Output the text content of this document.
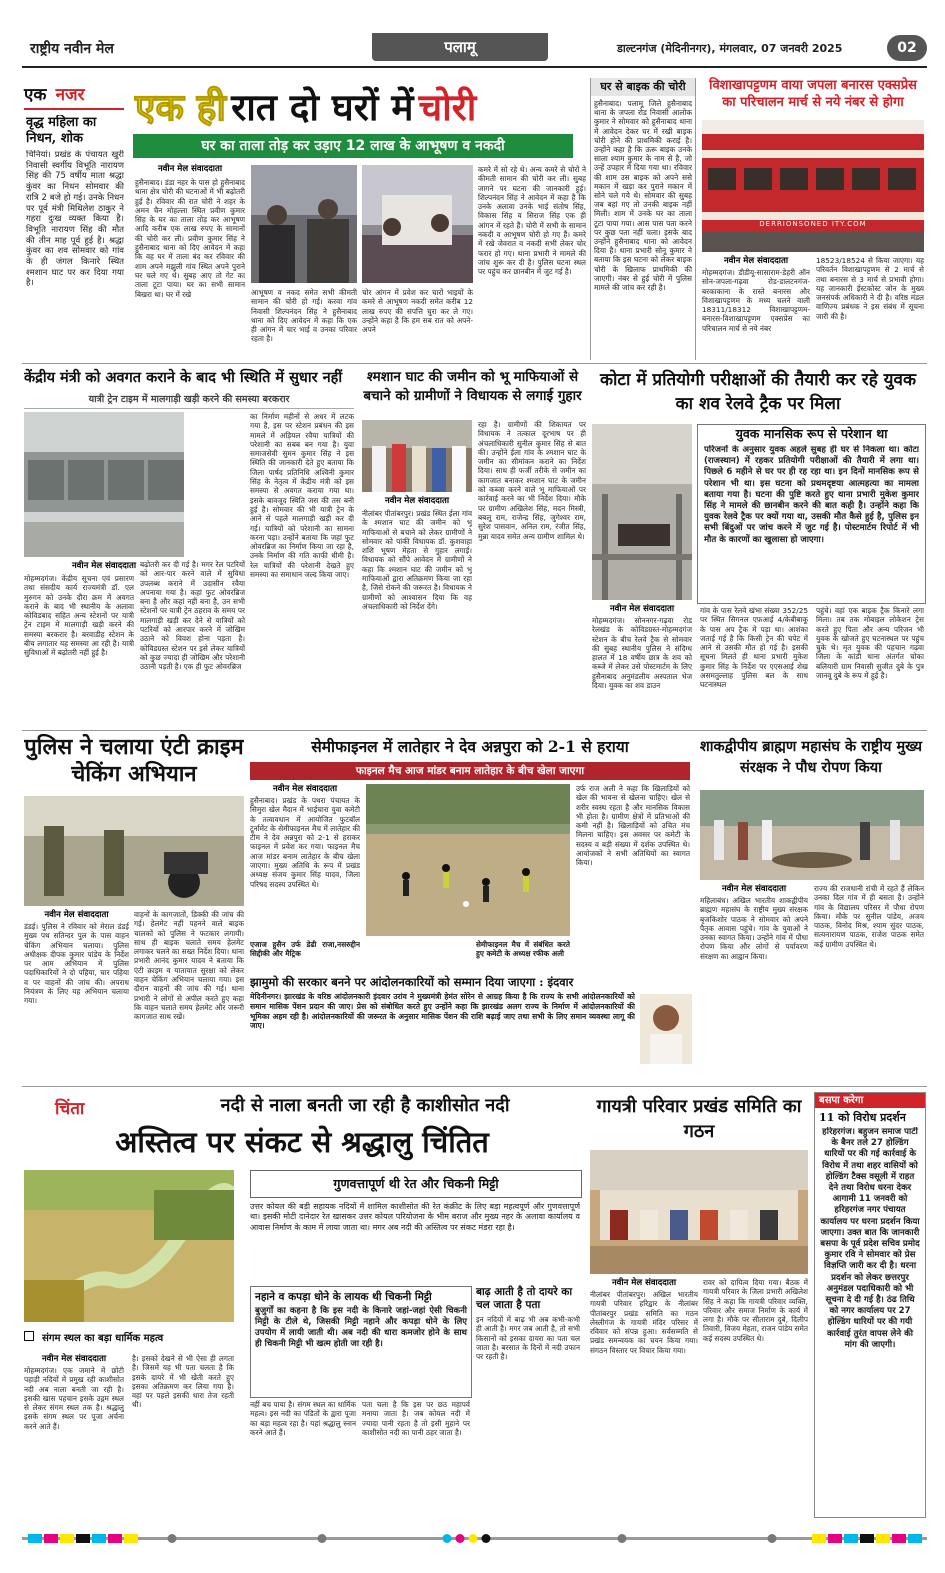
राष्ट्रीय नवीन मेल	पलामू	डाल्टनगंज (मेदिनीनगर), मंगलवार, 07 जनवरी 2025	02
एक नजर
वृद्ध महिला का निधन, शोक
चिनियां। प्रखंड के पंचायत खुरी निवासी स्वर्गीय विभूति नारायण सिंह की 75 वर्षीय माता श्रद्धा कुंवर का निधन सोमवार की रात्रि 2 बजे हो गई। उनके निधन पर पूर्व मंत्री मिथिलेश ठाकुर ने गहरा दुःख व्यक्त किया है। विभूति नारायण सिंह की मौत की तीन माह पूर्व हुई है। श्रद्धा कुंवर का शव सोमवार को गांव के ही जंगल किनारे स्थित श्मशान घाट पर कर दिया गया है।
एक ही रात दो घरों में चोरी
घर का ताला तोड़ कर उड़ाए 12 लाख के आभूषण व नकदी
नवीन मेल संवाददाता
हुसैनाबाद। डंडा नहर के पास हो हुसैनाबाद थाना क्षेत्र चोरी की घटनाओं में भी बढ़ोतरी हुई है। रविवार की रात चोरी ने शहर के अमन चैन मोहल्ला स्थित प्रवीण कुमार सिंह के घर का ताला तोड़ कर आभूषण आदि करीब एक लाख रुपए के सामानों की चोरी कर ली। प्रवीण कुमार सिंह ने हुसैनाबाद थाना को दिए आवेदन में कहा कि वह घर में ताला बंद कर रविवार की शाम अपने मझुली गांव स्थित अपने पुराने घर चले गए थे। सुबह आए तो गेट का ताला टूटा पाया। घर का सभी सामान बिखरा था। घर में रखे	आभूषण व नकद समेत सभी कीमती सामान की चोरी हो गई। करवा गांव निवासी शिल्पनंदन सिंह ने हुसैनाबाद थाना को दिए आवेदन में कहा कि एक ही आंगन में चार भाई व उनका परिवार रहता है।
चोर आंगन में प्रवेश कर चारों भाइयों के कमरे से आभूषण नकदी समेत करीब 12 लाख रुपए की संपत्ति चुरा कर ले गए। उन्होंने कहा है कि हम सब रात को अपने-अपने
कमरे में सो रहे थे। अन्य कमरे से चोरों ने कीमती सामान की चोरी कर ली। सुबह जागने पर घटना की जानकारी हुई। शिल्पनंदन सिंह ने आवेदन में कहा है कि उनके अलावा उनके भाई संतोष सिंह, विकास सिंह व सिराज सिंह एक ही आंगन में रहते हैं। चोरी में सभी के सामान नकदी व आभूषण चोरी हो गए हैं। कमरे में रखे जेवरात व नकदी सभी लेकर चोर फरार हो गए। थाना प्रभारी ने मामले की जांच शुरू कर दी है। पुलिस घटना स्थल पर पहुंच कर छानबीन में जुट गई है।
घर से बाइक की चोरी
हुसैनाबाद। पलामू जिले हुसैनाबाद थाना के जपला रोड निवासी आलोक कुमार ने सोमवार को हुसैनाबाद थाना में आवेदन देकर घर में रखी बाइक चोरी होने की प्राथमिकी कराई है। उन्होंने कहा है कि ऊरू बाइक उनके साला श्याम कुमार के नाम से है, जो उन्हें उपहार में दिया गया था। रविवार की शाम उस बाइक को अपने ससे मकान में खड़ा कर पुराने मकान में सोने चले गये थे। सोमवार की सुबह जब बहां गए तो उनकी बाइक नहीं मिली। शाम में उनके घर का ताला टूटा पाया गया। आस पास पता करने पर कुछ पता नहीं चला। इसके बाद उन्होंने हुसैनाबाद थाना को आवेदन दिया है। थाना प्रभारी सोनू कुमार ने बताया कि इस घटना को लेकर बाइक चोरी के खिलाफ प्राथमिकी की जाएगी। नंबर से हुई चोरी में पुलिस मामले की जांच कर रही है।
विशाखापट्टणम वाया जपला बनारस एक्सप्रेस का परिचालन मार्च से नये नंबर से होगा
DERRIONSONED ITY.COM
नवीन मेल संवाददाता
मोहम्मदगंज। डीडीयू-सासाराम-डेहरी ऑन सोन-जपला-गढ़वा रोड-डालटनगंज-बरकाकाना के रास्ते बनारस और विशाखापट्टणम के मध्य चलने वाली 18311/18312 विशाखापट्टणम-बनारस-विशाखापट्टणम एक्सप्रेस का परिचालन मार्च से नये नंबर
18523/18524 से किया जाएगा। यह परिवर्तन विशाखापट्टणम से 2 मार्च से तथा बनारस से 3 मार्च से प्रभावी होगा। यह जानकारी ईस्टकोस्ट जोन के मुख्य जनसंपर्क अधिकारी ने दी है। वरिष्ठ मंडल वाणिज्य प्रबंधक ने इस संबंध में सूचना जारी की है।
केंद्रीय मंत्री को अवगत कराने के बाद भी स्थिति में सुधार नहीं
यात्री ट्रेन टाइम में मालगाड़ी खड़ी करने की समस्या बरकरार
नवीन मेल संवाददाता
मोहम्मदगंज। केंद्रीय सूचना एवं प्रसारण तथा संसदीय कार्य राज्यमंत्री डॉ. एल मुरुगन को उनके दौरा क्रम में अवगत कराने के बाद भी स्थानीय के अलावा कोविडबाद सहित अन्य स्टेशनों पर यात्री ट्रेन टाइम में मालगाड़ी खड़ी करने की समस्या बरकरार है। बरवाडीह स्टेशन के बीच लगातार यह समस्या आ रही है। यात्री सुविधाओं में बढ़ोतरी नहीं हुई है।
बढ़ोतरी कर दी गई है। मगर रेल पटरियों को आर-पार करने वाले में सुविधा उपलब्ध कराने में उदासीन रवैया अपनाया गया है। कहां फुट ओवरब्रिज बना है और कहां नहीं बना है, उन सभी स्टेशनों पर यात्री ट्रेन ठहराव के समय पर मालगाड़ी खड़ी कर देने से यात्रियों को पटरियों को आरपार करने में जोखिम उठाने को विवश होना पड़ता है। कोविडग्रस्त स्टेशन पर इसे लेकर यात्रियों को कुछ ज्यादा ही जोखिम और परेशानी उठानी पड़ती है। एक ही फुट ओवरब्रिज
का निर्माण महीनों से अधर में लटक गया है, इस पर स्टेशन प्रबंधन की इस मामले में अड़ियल रवैया यात्रियों की परेशानी का सबब बन गया है। युवा समाजसेवी सुमन कुमार सिंह ने इस स्थिति की जानकारी देते हुए बताया कि जिला पार्षद प्रतिनिधि अश्विनी कुमार सिंह के नेतृत्व में केंद्रीय मंत्री को इस समस्या से अवगत कराया गया था। इसके बावजूद स्थिति जस की तस बनी हुई है। सोमवार की भी यात्री ट्रेन के आने से पहले मालगाड़ी खड़ी कर दी गई। यात्रियों को परेशानी का सामना करना पड़ा। उन्होंने बताया कि जहां फुट ओवरब्रिज का निर्माण किया जा रहा है, उनके निर्माण की गति काफी धीमी है। रेल यात्रियों की परेशानी देखते हुए समस्या का समाधान जल्द किया जाए।
श्मशान घाट की जमीन को भू माफियाओं से बचाने को ग्रामीणों ने विधायक से लगाई गुहार
नवीन मेल संवाददाता
नीलांबर पीतांबरपुर। प्रखंड स्थित ईला गांव के श्मशान घाट की जमीन को भू माफियाओं से बचाने को लेकर ग्रामीणों ने सोमवार को पांकी विधायक डॉ. कुशवाहा शशि भूषण मेहता से गुहार लगाई। विधायक को सौंपे आवेदन में ग्रामीणों ने कहा कि श्मशान घाट की जमीन को भू माफियाओं द्वारा अतिक्रमण किया जा रहा है, जिसे रोकने की जरूरत है। विधायक ने ग्रामीणों को आश्वासन दिया कि वह अंचलाधिकारी को निर्देश देंगे।
रहा है। ग्रामीणों की शिकायत पर विधायक ने तत्काल दूरभाष पर ही अंचलाधिकारी सुनील कुमार सिंह से बात की। उन्होंने ईला गांव के श्मशान घाट के जमीन का सीमांकन कराने का निर्देश दिया। साथ ही फर्जी तरीके से जमीन का कागजात बनाकर श्मशान घाट के जमीन को कब्जा करने वाले भू माफियाओं पर कार्रवाई करने का भी निर्देश दिया। मौके पर ग्रामीण अखिलेश सिंह, मदन मिस्त्री, बबलू राम, राजेन्द्र सिंह, जुगेश्वर राम, सुरेश पासवान, अनिल राम, रंजीत सिंह, मुन्ना यादव समेत अन्य ग्रामीण शामिल थे।
कोटा में प्रतियोगी परीक्षाओं की तैयारी कर रहे युवक का शव रेलवे ट्रैक पर मिला
युवक मानसिक रूप से परेशान था
परिजनों के अनुसार युवक अहले सुबह ही घर से निकला था। कोटा (राजस्थान) में रहकर प्रतियोगी परीक्षाओं की तैयारी में लगा था। पिछले 6 महीने से घर पर ही रह रहा था। इन दिनों मानसिक रूप से परेशान भी था। इस घटना को प्रथमदृष्टया आत्महत्या का मामला बताया गया है। घटना की पुष्टि करते हुए थाना प्रभारी मुकेश कुमार सिंह ने मामले की छानबीन करने की बात कही है। उन्होंने कहा कि युवक रेलवे ट्रैक पर क्यों गया था, उसकी मौत कैसे हुई है, पुलिस इन सभी बिंदुओं पर जांच करने में जुट गई है। पोस्टमार्टम रिपोर्ट में भी मौत के कारणों का खुलासा हो जाएगा।
नवीन मेल संवाददाता
मोहम्मदगंज। सोननगर-गढ़वा रोड रेलखंड के कोविडग्रस्त-मोहम्मदगंज स्टेशन के बीच रेलवे ट्रैक से सोमवार की सुबह स्थानीय पुलिस ने संदिग्ध हालत में 18 वर्षीय छात्र के शव को कब्जे में लेकर उसे पोस्टमार्टम के लिए हुसैनाबाद अनुमंडलीय अस्पताल भेज दिया। युवक का शव डाउन
गांव के पास रेलवे खंभा संख्या 352/25 पर स्थित सिगनल एफ़आई 4/केबीबाकू के पास अप ट्रैक में पड़ा था। आशंका जताई गई है कि किसी ट्रेन की चपेट में आने से उसकी मौत हो गई है। इसकी सूचना मिलते ही थाना प्रभारी मुकेश कुमार सिंह के निर्देश पर एएसआई शेख असमतुल्लाह पुलिस बल के साथ घटनास्थल
पहुंचे। वहां एक बाइक ट्रैक किनारे लगा मिला। तब तक मोबाइल लोकेशन ट्रेस करते हुए पिता और अन्य परिजन भी युवक के खोजते हुए घटनास्थल पर पहुंच चुके थे। मृत युवक की पहचान गढ़वा जिला के कांडी थाना अंतर्गत चोका बलियारी ग्राम निवासी सुजीत दुबे के पुत्र जानवू दुबे के रूप में हुई है।
पुलिस ने चलाया एंटी क्राइम चेकिंग अभियान
नवीन मेल संवाददाता
डंडई। पुलिस ने रविवार को मेराल डंडई मुख्य पथ सतिन्दर पुल के पास वाहन चेकिंग अभियान चलाया। पुलिस अधीक्षक दीपक कुमार पांडेय के निर्देश पर आम अभियान में पुलिस पदाधिकारियों ने दो पहिया, चार पहिया व पर वाहनों की जांच की। अपराध नियंत्रण के लिए यह अभियान चलाया गया।
वाहनों के कागजातों, डिक्की की जांच की गई। हेलमेट नहीं पहनने वाले बाइक चालकों को पुलिस ने फटकार लगायी। साथ ही बाइक चलाते समय हेलमेट लगाकर चलने का सख्त निर्देश दिया। थाना प्रभारी आनंद कुमार यादव ने बताया कि एंटी क्राइम व यातायात सुरक्षा को लेकर वाहन चेकिंग अभियान चलाया गया। इस दौरान वाहनों की जांच की गई। थाना प्रभारी ने लोगों से अपील करते हुए कहा कि वाहन चलाते समय हेलमेट और जरूरी कागजात साथ रखें।
सेमीफाइनल में लातेहार ने देव अन्नपुरा को 2-1 से हराया
फाइनल मैच आज मांडर बनाम लातेहार के बीच खेला जाएगा
नवीन मेल संवाददाता
हुसैनाबाद। प्रखंड के पथरा पंचायत के सिमुरा खेल मैदान में भाईचारा युवा कमेटी के तत्वावधान में आयोजित फुटबॉल टूर्नामेंट के सेमीफाइनल मैच में लातेहार की टीम ने देव अन्नपुरा को 2-1 से हराकर फाइनल में प्रवेश कर गया। फाइनल मैच आज मांडर बनाम लातेहार के बीच खेला जाएगा। मुख्य अतिथि के रूप में प्रखंड अध्यक्ष संजय कुमार सिंह यादव, जिला परिषद सदस्य उपस्थित थे।
एजाज हुसैन उर्फ डेढी राजा,नसरुद्दीन सिद्दीकी और मैट्रिक
सेमीफाइनल मैच में संबंधित करते हुए कमेटी के अध्यक्ष रफीक अली
उर्फ राज अली ने कहा कि खिलाड़ियों को खेल की भावना से खेलना चाहिए। खेल से शरीर स्वस्थ रहता है और मानसिक विकास भी होता है। ग्रामीण क्षेत्रों में प्रतिभाओं की कमी नहीं है। खिलाड़ियों को उचित मंच मिलना चाहिए। इस अवसर पर कमेटी के सदस्य व बड़ी संख्या में दर्शक उपस्थित थे। आयोजकों ने सभी अतिथियों का स्वागत किया।
शाकद्वीपीय ब्राह्मण महासंघ के राष्ट्रीय मुख्य संरक्षक ने पौध रोपण किया
नवीन मेल संवाददाता
महिलाबंध। अखिल भारतीय शाकद्वीपीय ब्राह्मण महासंघ के राष्ट्रीय मुख्य संरक्षक बृजकिशोर पाठक ने सोमवार को अपने पैतृक आवास पहुंचे। गांव के युवाओं ने उनका स्वागत किया। उन्होंने गांव में पौधा रोपण किया और लोगों से पर्यावरण संरक्षण का आह्वान किया।
राज्य की राजधानी रांची में रहते हैं लेकिन उनका दिल गांव में ही बसता है। उन्होंने गांव के विद्यालय परिसर में पौधा रोपण किया। मौके पर सुनील पांडेय, अजय पाठक, विनोद मिश्र, श्याम सुंदर पाठक, सत्यनारायण पाठक, राजेश पाठक समेत कई ग्रामीण उपस्थित थे।
झामुमो की सरकार बनने पर आंदोलनकारियों को सम्मान दिया जाएगा : इंदवार
मेदिनीनगर। झारखंड के वरिष्ठ आंदोलनकारी इंदवार उरांव ने मुख्यमंत्री हेमंत सोरेन से आग्रह किया है कि राज्य के सभी आंदोलनकारियों को समान मासिक पेंशन प्रदान की जाए। प्रेस को संबोधित करते हुए उन्होंने कहा कि झारखंड अलग राज्य के निर्माण में आंदोलनकारियों की भूमिका अहम रही है। आंदोलनकारियों की जरूरत के अनुसार मासिक पेंशन की राशि बढ़ाई जाए तथा सभी के लिए समान व्यवस्था लागू की जाए।
चिंता	नदी से नाला बनती जा रही है काशीसोत नदी
अस्तित्व पर संकट से श्रद्धालु चिंतित
संगम स्थल का बड़ा धार्मिक महत्व
गुणवत्तापूर्ण थी रेत और चिकनी मिट्टी
उत्तर कोयल की बड़ी सहायक नदियों में शामिल काशीसोत की रेत कंक्रीट के लिए बड़ा महत्वपूर्ण और गुणवत्तापूर्ण था। इसकी मोटी दानेदार रेत खासकर उत्तर कोयल परियोजना के भीम बराज और मुख्य नहर के अलावा कार्यालय व आवास निर्माण के काम में लाया जाता था। मगर अब नदी की अस्तित्व पर संकट मंडरा रहा है।
नवीन मेल संवाददाता
मोहम्मदगंज। एक जमाने में छोटी पहाड़ी नदियों में प्रमुख रही काशीसोत नदी अब नाला बनती जा रही है। इसकी खास पहचान इसके उद्गम स्थल से लेकर संगम स्थल तक है। श्रद्धालु इसके संगम स्थल पर पूजा अर्चना करने आते हैं।
है। इसको देखने से भी ऐसा ही लगता है। जिसमें यह भी पता चलता है कि इसके दायरे में भी खेती करते हुए इसका अतिक्रमण कर लिया गया है। वहां पर पहले इसकी धारा तेज रहती थी।
नहाने व कपड़ा धोने के लायक थी चिकनी मिट्टी
बुजुर्गों का कहना है कि इस नदी के किनारे जहां-जहां ऐसी चिकनी मिट्टी के टीले थे, जिसकी मिट्टी नहाने और कपड़ा धोने के लिए उपयोग में लायी जाती थी। अब नदी की धारा कमजोर होने के साथ ही चिकनी मिट्टी भी खत्म होती जा रही है।
नहीं बच पाया है। संगम स्थल का धार्मिक महत्व। इस नदी का पंडितों के द्वारा पूजा का बड़ा महत्व रहा है। यहां श्रद्धालु स्नान करने आते हैं।
पता चला है कि इस पर छठ महापर्व मनाया जाता है। जब कोयल नदी में ज्यादा पानी रहता है तो इसी मुहाने पर काशीसोत नदी का पानी ठहर जाता है।
बाढ़ आती है तो दायरे का चल जाता है पता
इन नदियों में बाढ़ भी अब कभी-कभी ही आती है। मगर जब आती है, तो सभी किसानों को इसका दायरा का पता चल जाता है। बरसात के दिनों में नदी उफान पर रहती है।
गायत्री परिवार प्रखंड समिति का गठन
नवीन मेल संवाददाता
नीलांबर पीतांबरपुर। अखिल भारतीय गायत्री परिवार हरिद्वार के नीलांबर पीतांबरपुर प्रखंड समिति का गठन लेस्लीगंज के गायत्री मंदिर परिसर में रविवार को संपन्न हुआ। सर्वसम्मति से प्रखंड समन्वयक का चयन किया गया। संगठन विस्तार पर विचार किया गया।
रावर को दायित्व दिया गया। बैठक में गायत्री परिवार के जिला प्रभारी अखिलेश सिंह ने कहा कि गायत्री परिवार व्यक्ति, परिवार और समाज निर्माण के कार्य में लगा है। मौके पर सीताराम दुबे, दिलीप तिवारी, विजय मेहता, राजन पांडेय समेत कई सदस्य उपस्थित थे।
बसपा करेगा
11 को विरोध प्रदर्शन
हरिहरगंज। बहुजन समाज पार्टी के बैनर तले 27 होल्डिंग धारियों पर की गई कार्रवाई के विरोध में तथा शहर वासियों को होल्डिंग टैक्स वसूली में राहत देने तथा विरोध धरना देकर आगामी 11 जनवरी को हरिहरगंज नगर पंचायत कार्यालय पर धरना प्रदर्शन किया जाएगा। उक्त बात कि जानकारी बसपा के पूर्व प्रदेश सचिव प्रमोद कुमार रवि ने सोमवार को प्रेस विज्ञप्ति जारी कर दी है। धरना प्रदर्शन को लेकर छत्तरपुर अनुमंडल पदाधिकारी को भी सूचना दे दी गई है। ठंढ तिथि को नगर कार्यालय पर 27 होल्डिंग धारियों पर की गयी कार्रवाई तुरंत वापस लेने की मांग की जाएगी।
